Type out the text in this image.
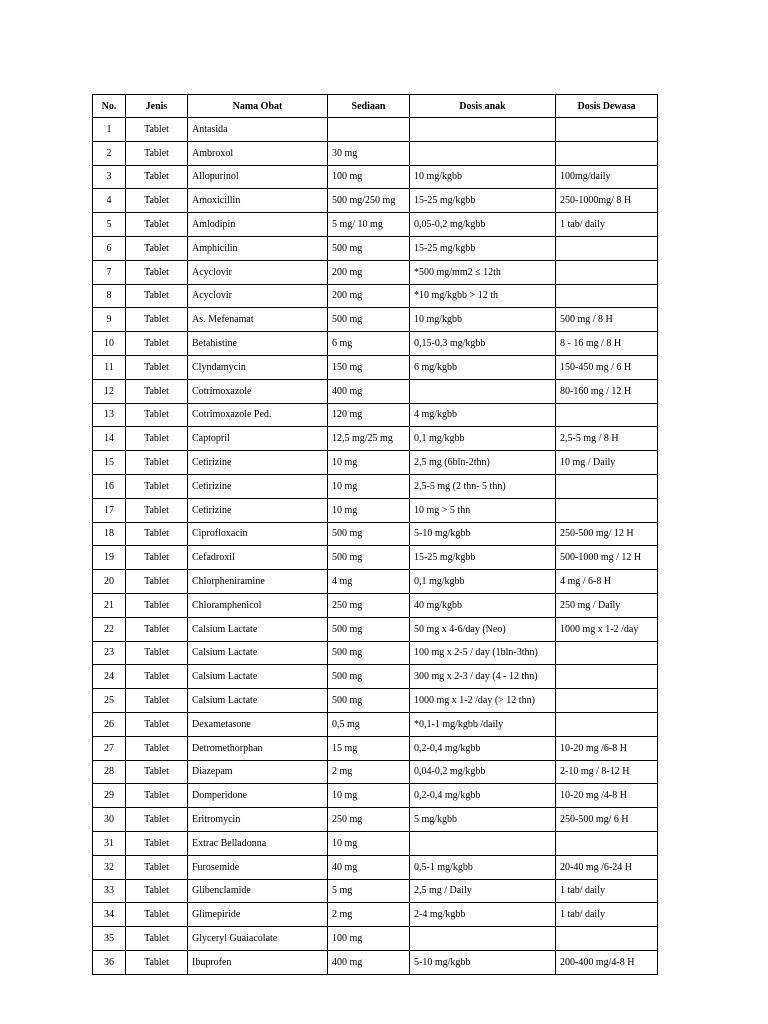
No.	Jenis	Nama Obat	Sediaan	Dosis anak	Dosis Dewasa
1	Tablet	Antasida			
2	Tablet	Ambroxol	30 mg		
3	Tablet	Allopurinol	100 mg	10 mg/kgbb	100mg/daily
4	Tablet	Amoxicillin	500 mg/250 mg	15-25 mg/kgbb	250-1000mg/ 8 H
5	Tablet	Amlodipin	5 mg/ 10 mg	0,05-0,2 mg/kgbb	1 tab/ daily
6	Tablet	Amphicilin	500 mg	15-25 mg/kgbb	
7	Tablet	Acyclovir	200 mg	*500 mg/mm2 ≤ 12th	
8	Tablet	Acyclovir	200 mg	*10 mg/kgbb > 12 th	
9	Tablet	As. Mefenamat	500 mg	10 mg/kgbb	500 mg / 8 H
10	Tablet	Betahistine	6 mg	0,15-0,3 mg/kgbb	8 - 16 mg / 8 H
11	Tablet	Clyndamycin	150 mg	6 mg/kgbb	150-450 mg / 6 H
12	Tablet	Cotrimoxazole	400 mg		80-160 mg / 12 H
13	Tablet	Cotrimoxazole Ped.	120 mg	4 mg/kgbb	
14	Tablet	Captopril	12,5 mg/25 mg	0,1 mg/kgbb	2,5-5 mg / 8 H
15	Tablet	Cetirizine	10 mg	2,5 mg (6bln-2thn)	10 mg / Daily
16	Tablet	Cetirizine	10 mg	2,5-5 mg (2 thn- 5 thn)	
17	Tablet	Cetirizine	10 mg	10 mg > 5 thn	
18	Tablet	Ciprofloxacin	500 mg	5-10 mg/kgbb	250-500 mg/ 12 H
19	Tablet	Cefadroxil	500 mg	15-25 mg/kgbb	500-1000 mg / 12 H
20	Tablet	Chlorpheniramine	4 mg	0,1 mg/kgbb	4 mg / 6-8 H
21	Tablet	Chloramphenicol	250 mg	40 mg/kgbb	250 mg / Daily
22	Tablet	Calsium Lactate	500 mg	50 mg x 4-6/day (Neo)	1000 mg x 1-2 /day
23	Tablet	Calsium Lactate	500 mg	100 mg x 2-5 / day (1bln-3thn)	
24	Tablet	Calsium Lactate	500 mg	300 mg x 2-3 / day (4 - 12 thn)	
25	Tablet	Calsium Lactate	500 mg	1000 mg x 1-2 /day (> 12 thn)	
26	Tablet	Dexametasone	0,5 mg	*0,1-1 mg/kgbb /daily	
27	Tablet	Detromethorphan	15 mg	0,2-0,4 mg/kgbb	10-20 mg /6-8 H
28	Tablet	Diazepam	2 mg	0,04-0,2 mg/kgbb	2-10 mg / 8-12 H
29	Tablet	Domperidone	10 mg	0,2-0,4 mg/kgbb	10-20 mg /4-8 H
30	Tablet	Eritromycin	250 mg	5 mg/kgbb	250-500 mg/ 6 H
31	Tablet	Extrac Belladonna	10 mg		
32	Tablet	Furosemide	40 mg	0,5-1 mg/kgbb	20-40 mg /6-24 H
33	Tablet	Glibenclamide	5 mg	2,5 mg / Daily	1 tab/ daily
34	Tablet	Glimepiride	2 mg	2-4 mg/kgbb	1 tab/ daily
35	Tablet	Glyceryl Guaiacolate	100 mg		
36	Tablet	Ibuprofen	400 mg	5-10 mg/kgbb	200-400 mg/4-8 H
